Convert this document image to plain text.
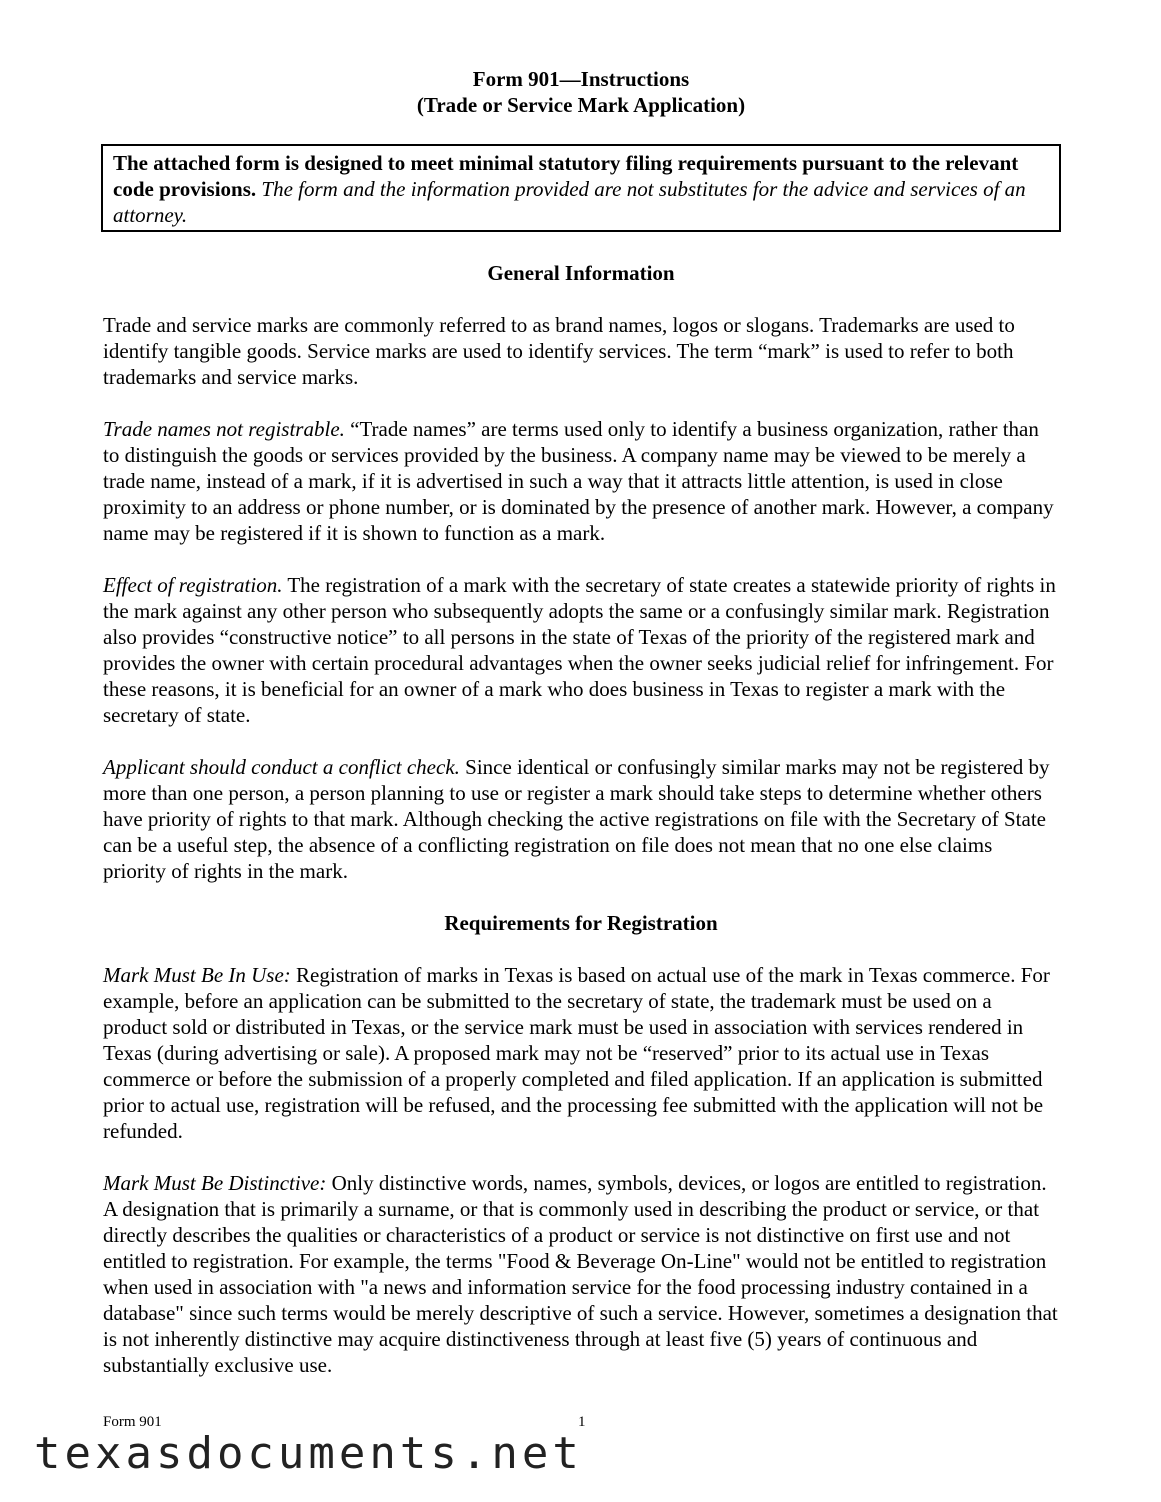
Form 901—Instructions
(Trade or Service Mark Application)

The attached form is designed to meet minimal statutory filing requirements pursuant to the relevant code provisions. The form and the information provided are not substitutes for the advice and services of an attorney.

General Information

Trade and service marks are commonly referred to as brand names, logos or slogans. Trademarks are used to identify tangible goods. Service marks are used to identify services. The term “mark” is used to refer to both trademarks and service marks.

Trade names not registrable. “Trade names” are terms used only to identify a business organization, rather than to distinguish the goods or services provided by the business. A company name may be viewed to be merely a trade name, instead of a mark, if it is advertised in such a way that it attracts little attention, is used in close proximity to an address or phone number, or is dominated by the presence of another mark. However, a company name may be registered if it is shown to function as a mark.

Effect of registration. The registration of a mark with the secretary of state creates a statewide priority of rights in the mark against any other person who subsequently adopts the same or a confusingly similar mark. Registration also provides “constructive notice” to all persons in the state of Texas of the priority of the registered mark and provides the owner with certain procedural advantages when the owner seeks judicial relief for infringement. For these reasons, it is beneficial for an owner of a mark who does business in Texas to register a mark with the secretary of state.

Applicant should conduct a conflict check. Since identical or confusingly similar marks may not be registered by more than one person, a person planning to use or register a mark should take steps to determine whether others have priority of rights to that mark. Although checking the active registrations on file with the Secretary of State can be a useful step, the absence of a conflicting registration on file does not mean that no one else claims priority of rights in the mark.

Requirements for Registration

Mark Must Be In Use: Registration of marks in Texas is based on actual use of the mark in Texas commerce. For example, before an application can be submitted to the secretary of state, the trademark must be used on a product sold or distributed in Texas, or the service mark must be used in association with services rendered in Texas (during advertising or sale). A proposed mark may not be “reserved” prior to its actual use in Texas commerce or before the submission of a properly completed and filed application. If an application is submitted prior to actual use, registration will be refused, and the processing fee submitted with the application will not be refunded.

Mark Must Be Distinctive: Only distinctive words, names, symbols, devices, or logos are entitled to registration. A designation that is primarily a surname, or that is commonly used in describing the product or service, or that directly describes the qualities or characteristics of a product or service is not distinctive on first use and not entitled to registration. For example, the terms "Food & Beverage On-Line" would not be entitled to registration when used in association with "a news and information service for the food processing industry contained in a database" since such terms would be merely descriptive of such a service. However, sometimes a designation that is not inherently distinctive may acquire distinctiveness through at least five (5) years of continuous and substantially exclusive use.

Form 901	1
texasdocuments.net
